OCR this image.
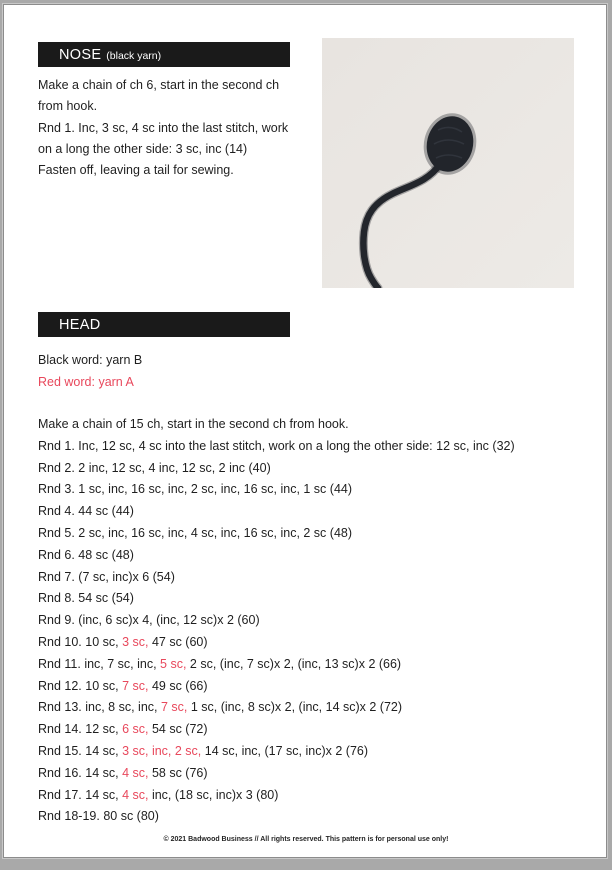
NOSE (black yarn)
Make a chain of ch 6, start in the second ch
from hook.
Rnd 1. Inc, 3 sc, 4 sc into the last stitch, work
on a long the other side: 3 sc, inc (14)
Fasten off, leaving a tail for sewing.
HEAD
Black word: yarn B
Red word: yarn A
Make a chain of 15 ch, start in the second ch from hook.
Rnd 1. Inc, 12 sc, 4 sc into the last stitch, work on a long the other side: 12 sc, inc (32)
Rnd 2. 2 inc, 12 sc, 4 inc, 12 sc, 2 inc (40)
Rnd 3. 1 sc, inc, 16 sc, inc, 2 sc, inc, 16 sc, inc, 1 sc (44)
Rnd 4. 44 sc (44)
Rnd 5. 2 sc, inc, 16 sc, inc, 4 sc, inc, 16 sc, inc, 2 sc (48)
Rnd 6. 48 sc (48)
Rnd 7. (7 sc, inc)x 6 (54)
Rnd 8. 54 sc (54)
Rnd 9. (inc, 6 sc)x 4, (inc, 12 sc)x 2 (60)
Rnd 10. 10 sc, 3 sc, 47 sc (60)
Rnd 11. inc, 7 sc, inc, 5 sc, 2 sc, (inc, 7 sc)x 2, (inc, 13 sc)x 2 (66)
Rnd 12. 10 sc, 7 sc, 49 sc (66)
Rnd 13. inc, 8 sc, inc, 7 sc, 1 sc, (inc, 8 sc)x 2, (inc, 14 sc)x 2 (72)
Rnd 14. 12 sc, 6 sc, 54 sc (72)
Rnd 15. 14 sc, 3 sc, inc, 2 sc, 14 sc, inc, (17 sc, inc)x 2 (76)
Rnd 16. 14 sc, 4 sc, 58 sc (76)
Rnd 17. 14 sc, 4 sc, inc, (18 sc, inc)x 3 (80)
Rnd 18-19. 80 sc (80)
© 2021 Badwood Business // All rights reserved. This pattern is for personal use only!
